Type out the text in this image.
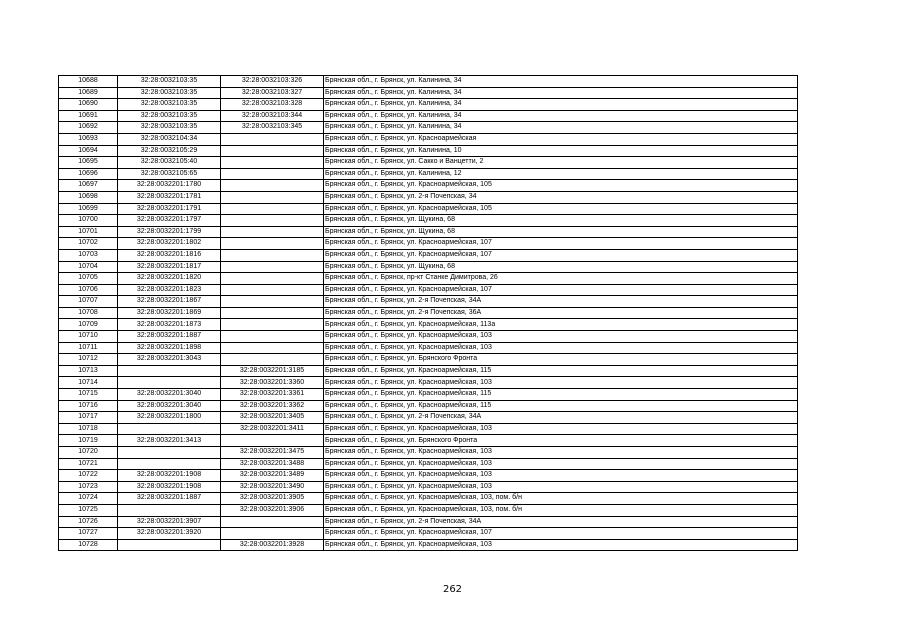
10688	32:28:0032103:35	32:28:0032103:326	Брянская обл., г. Брянск, ул. Калинина, 34
10689	32:28:0032103:35	32:28:0032103:327	Брянская обл., г. Брянск, ул. Калинина, 34
10690	32:28:0032103:35	32:28:0032103:328	Брянская обл., г. Брянск, ул. Калинина, 34
10691	32:28:0032103:35	32:28:0032103:344	Брянская обл., г. Брянск, ул. Калинина, 34
10692	32:28:0032103:35	32:28:0032103:345	Брянская обл., г. Брянск, ул. Калинина, 34
10693	32:28:0032104:34		Брянская обл., г. Брянск, ул. Красноармейская
10694	32:28:0032105:29		Брянская обл., г. Брянск, ул. Калинина, 10
10695	32:28:0032105:40		Брянская обл., г. Брянск, ул. Сакко и Ванцетти, 2
10696	32:28:0032105:65		Брянская обл., г. Брянск, ул. Калинина, 12
10697	32:28:0032201:1780		Брянская обл., г. Брянск, ул. Красноармейская, 105
10698	32:28:0032201:1781		Брянская обл., г. Брянск, ул. 2-я Почепская, 34
10699	32:28:0032201:1791		Брянская обл., г. Брянск, ул. Красноармейская, 105
10700	32:28:0032201:1797		Брянская обл., г. Брянск, ул. Щукина, 68
10701	32:28:0032201:1799		Брянская обл., г. Брянск, ул. Щукина, 68
10702	32:28:0032201:1802		Брянская обл., г. Брянск, ул. Красноармейская, 107
10703	32:28:0032201:1816		Брянская обл., г. Брянск, ул. Красноармейская, 107
10704	32:28:0032201:1817		Брянская обл., г. Брянск, ул. Щукина, 68
10705	32:28:0032201:1820		Брянская обл., г. Брянск, пр-кт Станке Димитрова, 26
10706	32:28:0032201:1823		Брянская обл., г. Брянск, ул. Красноармейская, 107
10707	32:28:0032201:1867		Брянская обл., г. Брянск, ул. 2-я Почепская, 34А
10708	32:28:0032201:1869		Брянская обл., г. Брянск, ул. 2-я Почепская, 36А
10709	32:28:0032201:1873		Брянская обл., г. Брянск, ул. Красноармейская, 113а
10710	32:28:0032201:1887		Брянская обл., г. Брянск, ул. Красноармейская, 103
10711	32:28:0032201:1898		Брянская обл., г. Брянск, ул. Красноармейская, 103
10712	32:28:0032201:3043		Брянская обл., г. Брянск, ул. Брянского Фронта
10713		32:28:0032201:3185	Брянская обл., г. Брянск, ул. Красноармейская, 115
10714		32:28:0032201:3360	Брянская обл., г. Брянск, ул. Красноармейская, 103
10715	32:28:0032201:3040	32:28:0032201:3361	Брянская обл., г. Брянск, ул. Красноармейская, 115
10716	32:28:0032201:3040	32:28:0032201:3362	Брянская обл., г. Брянск, ул. Красноармейская, 115
10717	32:28:0032201:1800	32:28:0032201:3405	Брянская обл., г. Брянск, ул. 2-я Почепская, 34А
10718		32:28:0032201:3411	Брянская обл., г. Брянск, ул. Красноармейская, 103
10719	32:28:0032201:3413		Брянская обл., г. Брянск, ул. Брянского Фронта
10720		32:28:0032201:3475	Брянская обл., г. Брянск, ул. Красноармейская, 103
10721		32:28:0032201:3488	Брянская обл., г. Брянск, ул. Красноармейская, 103
10722	32:28:0032201:1908	32:28:0032201:3489	Брянская обл., г. Брянск, ул. Красноармейская, 103
10723	32:28:0032201:1908	32:28:0032201:3490	Брянская обл., г. Брянск, ул. Красноармейская, 103
10724	32:28:0032201:1887	32:28:0032201:3905	Брянская обл., г. Брянск, ул. Красноармейская, 103, пом. б/н
10725		32:28:0032201:3906	Брянская обл., г. Брянск, ул. Красноармейская, 103, пом. б/н
10726	32:28:0032201:3907		Брянская обл., г. Брянск, ул. 2-я Почепская, 34А
10727	32:28:0032201:3920		Брянская обл., г. Брянск, ул. Красноармейская, 107
10728		32:28:0032201:3928	Брянская обл., г. Брянск, ул. Красноармейская, 103
262
